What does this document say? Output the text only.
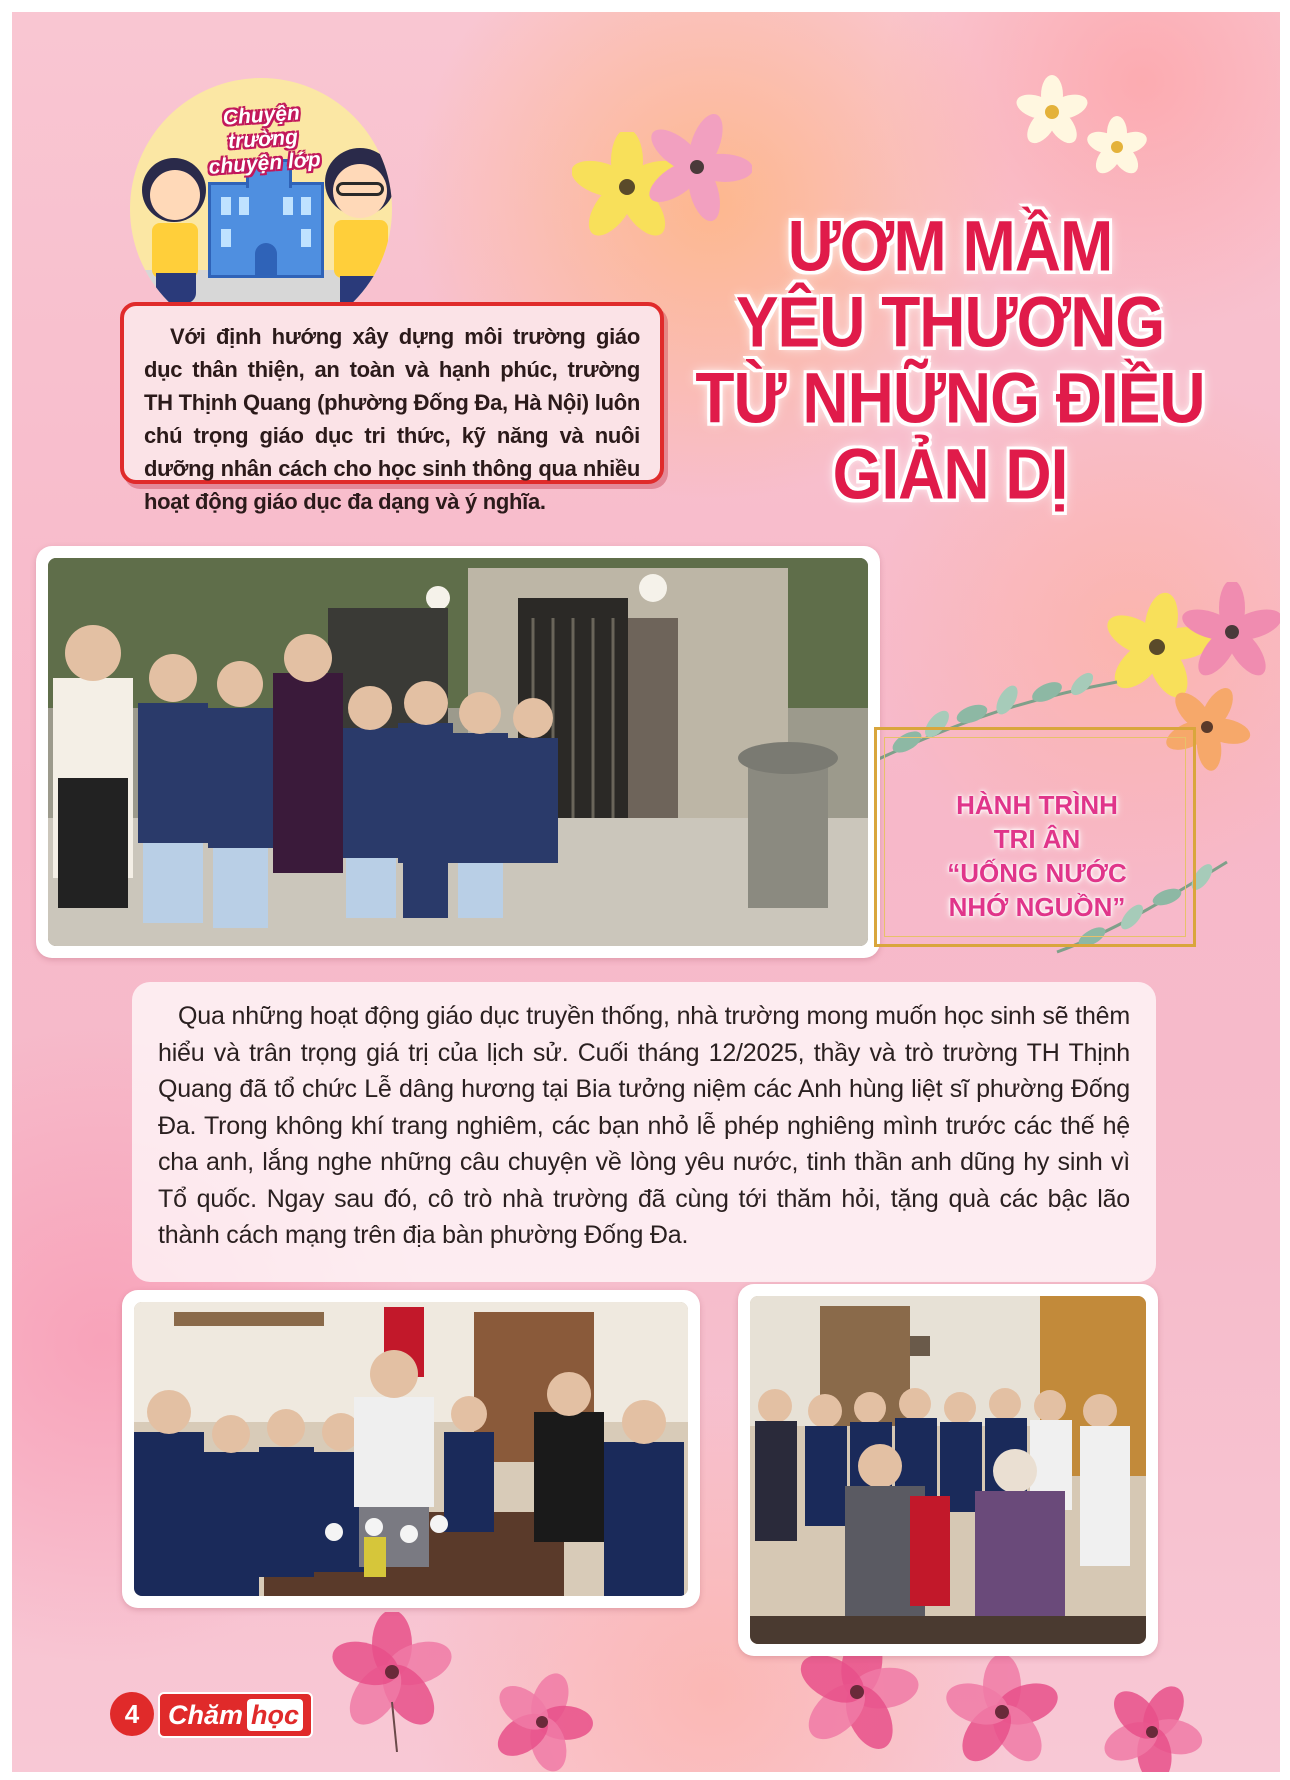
Chuyện trường
chuyện lớp
ƯƠM MẦM
YÊU THƯƠNG
TỪ NHỮNG ĐIỀU
GIẢN DỊ

Với định hướng xây dựng môi trường giáo dục thân thiện, an toàn và hạnh phúc, trường TH Thịnh Quang (phường Đống Đa, Hà Nội) luôn chú trọng giáo dục tri thức, kỹ năng và nuôi dưỡng nhân cách cho học sinh thông qua nhiều hoạt động giáo dục đa dạng và ý nghĩa.

HÀNH TRÌNH
TRI ÂN
“UỐNG NƯỚC
NHỚ NGUỒN”

Qua những hoạt động giáo dục truyền thống, nhà trường mong muốn học sinh sẽ thêm hiểu và trân trọng giá trị của lịch sử. Cuối tháng 12/2025, thầy và trò trường TH Thịnh Quang đã tổ chức Lễ dâng hương tại Bia tưởng niệm các Anh hùng liệt sĩ phường Đống Đa. Trong không khí trang nghiêm, các bạn nhỏ lễ phép nghiêng mình trước các thế hệ cha anh, lắng nghe những câu chuyện về lòng yêu nước, tinh thần anh dũng hy sinh vì Tổ quốc. Ngay sau đó, cô trò nhà trường đã cùng tới thăm hỏi, tặng quà các bậc lão thành cách mạng trên địa bàn phường Đống Đa.

4	Chăm học
